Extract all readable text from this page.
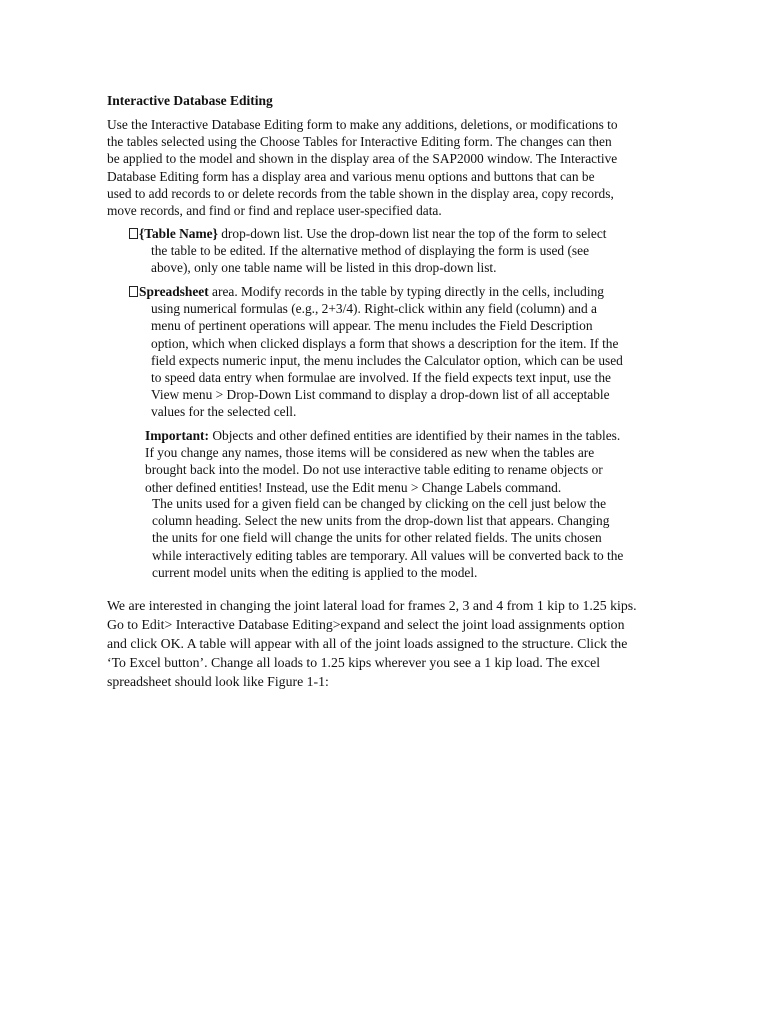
Interactive Database Editing
Use the Interactive Database Editing form to make any additions, deletions, or modifications to
the tables selected using the Choose Tables for Interactive Editing form. The changes can then
be applied to the model and shown in the display area of the SAP2000 window. The Interactive
Database Editing form has a display area and various menu options and buttons that can be
used to add records to or delete records from the table shown in the display area, copy records,
move records, and find or find and replace user-specified data.
{Table Name} drop-down list. Use the drop-down list near the top of the form to select
the table to be edited. If the alternative method of displaying the form is used (see
above), only one table name will be listed in this drop-down list.
Spreadsheet area. Modify records in the table by typing directly in the cells, including
using numerical formulas (e.g., 2+3/4). Right-click within any field (column) and a
menu of pertinent operations will appear. The menu includes the Field Description
option, which when clicked displays a form that shows a description for the item. If the
field expects numeric input, the menu includes the Calculator option, which can be used
to speed data entry when formulae are involved. If the field expects text input, use the
View menu > Drop-Down List command to display a drop-down list of all acceptable
values for the selected cell.
Important: Objects and other defined entities are identified by their names in the tables.
If you change any names, those items will be considered as new when the tables are
brought back into the model. Do not use interactive table editing to rename objects or
other defined entities! Instead, use the Edit menu > Change Labels command.
The units used for a given field can be changed by clicking on the cell just below the
column heading. Select the new units from the drop-down list that appears. Changing
the units for one field will change the units for other related fields. The units chosen
while interactively editing tables are temporary. All values will be converted back to the
current model units when the editing is applied to the model.
We are interested in changing the joint lateral load for frames 2, 3 and 4 from 1 kip to 1.25 kips.
Go to Edit> Interactive Database Editing>expand and select the joint load assignments option
and click OK. A table will appear with all of the joint loads assigned to the structure. Click the
‘To Excel button’. Change all loads to 1.25 kips wherever you see a 1 kip load. The excel
spreadsheet should look like Figure 1-1:
